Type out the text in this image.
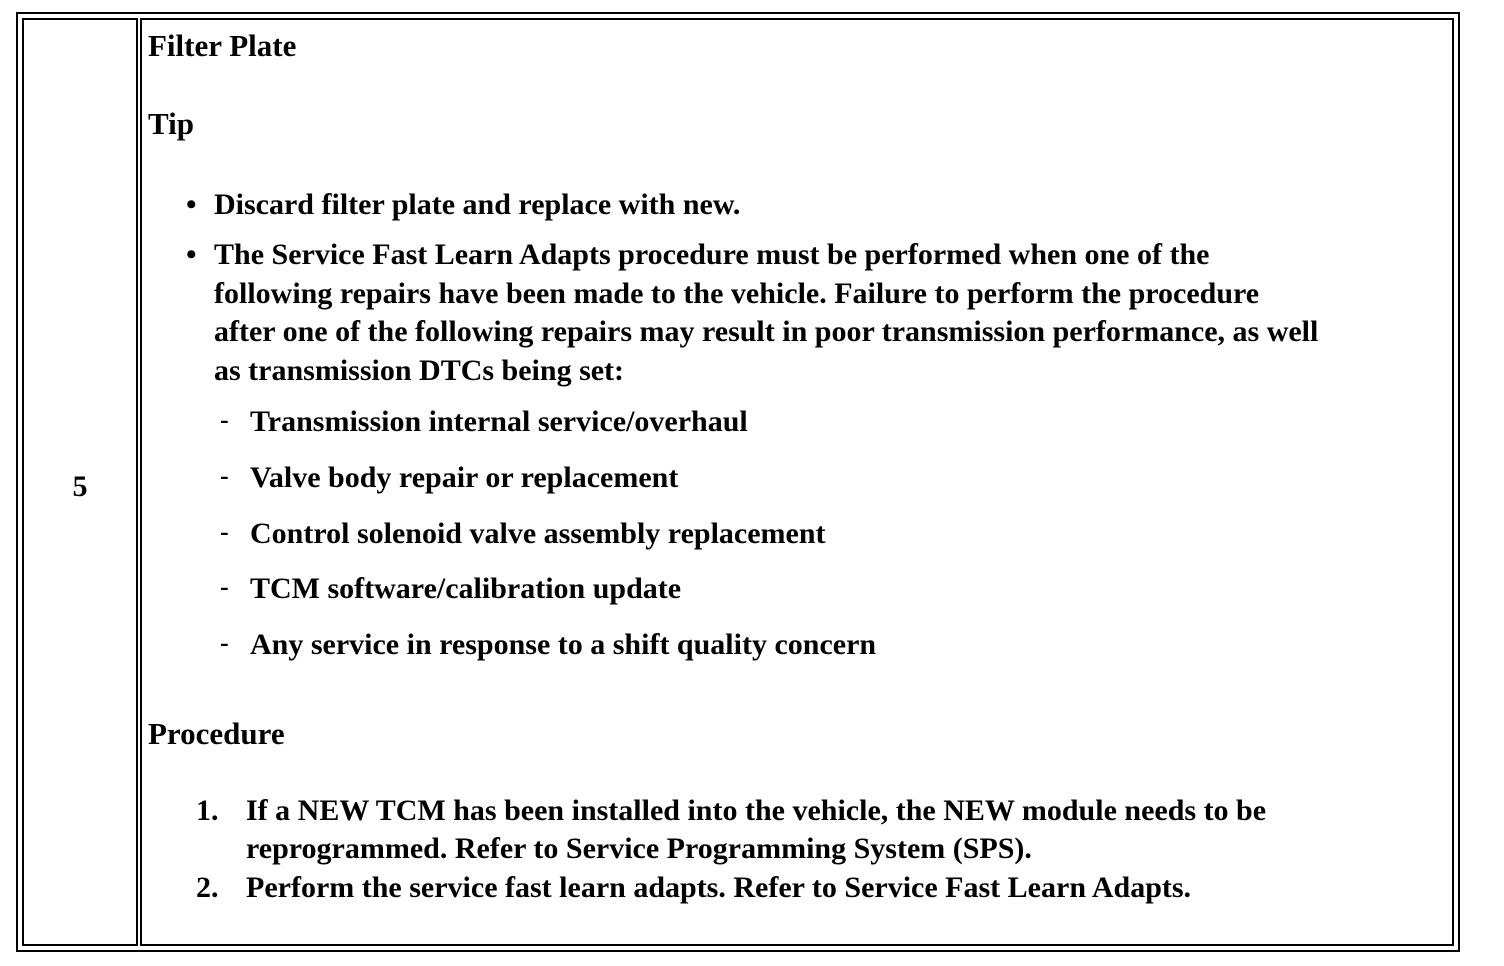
5
Filter Plate
Tip
• Discard filter plate and replace with new.
• The Service Fast Learn Adapts procedure must be performed when one of the
following repairs have been made to the vehicle. Failure to perform the procedure
after one of the following repairs may result in poor transmission performance, as well
as transmission DTCs being set:
- Transmission internal service/overhaul
- Valve body repair or replacement
- Control solenoid valve assembly replacement
- TCM software/calibration update
- Any service in response to a shift quality concern
Procedure
1. If a NEW TCM has been installed into the vehicle, the NEW module needs to be
reprogrammed. Refer to Service Programming System (SPS).
2. Perform the service fast learn adapts. Refer to Service Fast Learn Adapts.
